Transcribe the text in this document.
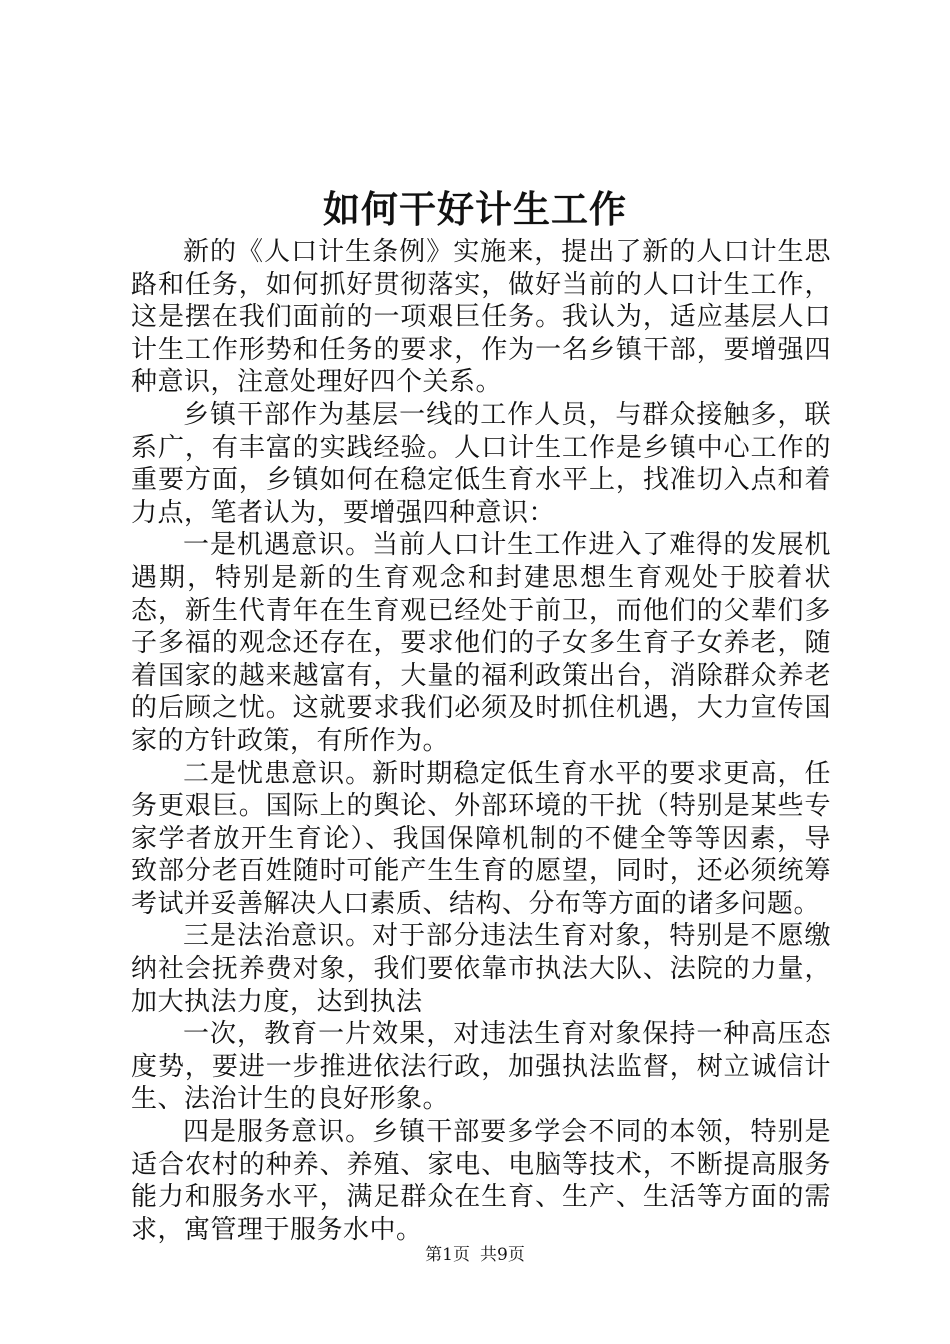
如何干好计生工作

新的《人口计生条例》实施来，提出了新的人口计生思路和任务，如何抓好贯彻落实，做好当前的人口计生工作，这是摆在我们面前的一项艰巨任务。我认为，适应基层人口计生工作形势和任务的要求，作为一名乡镇干部，要增强四种意识，注意处理好四个关系。

乡镇干部作为基层一线的工作人员，与群众接触多，联系广，有丰富的实践经验。人口计生工作是乡镇中心工作的重要方面，乡镇如何在稳定低生育水平上，找准切入点和着力点，笔者认为，要增强四种意识：

一是机遇意识。当前人口计生工作进入了难得的发展机遇期，特别是新的生育观念和封建思想生育观处于胶着状态，新生代青年在生育观已经处于前卫，而他们的父辈们多子多福的观念还存在，要求他们的子女多生育子女养老，随着国家的越来越富有，大量的福利政策出台，消除群众养老的后顾之忧。这就要求我们必须及时抓住机遇，大力宣传国家的方针政策，有所作为。

二是忧患意识。新时期稳定低生育水平的要求更高，任务更艰巨。国际上的舆论、外部环境的干扰（特别是某些专家学者放开生育论）、我国保障机制的不健全等等因素，导致部分老百姓随时可能产生生育的愿望，同时，还必须统筹考试并妥善解决人口素质、结构、分布等方面的诸多问题。

三是法治意识。对于部分违法生育对象，特别是不愿缴纳社会抚养费对象，我们要依靠市执法大队、法院的力量，加大执法力度，达到执法

一次，教育一片效果，对违法生育对象保持一种高压态度势，要进一步推进依法行政，加强执法监督，树立诚信计生、法治计生的良好形象。

四是服务意识。乡镇干部要多学会不同的本领，特别是适合农村的种养、养殖、家电、电脑等技术，不断提高服务能力和服务水平，满足群众在生育、生产、生活等方面的需求，寓管理于服务水中。

第1页 共9页
